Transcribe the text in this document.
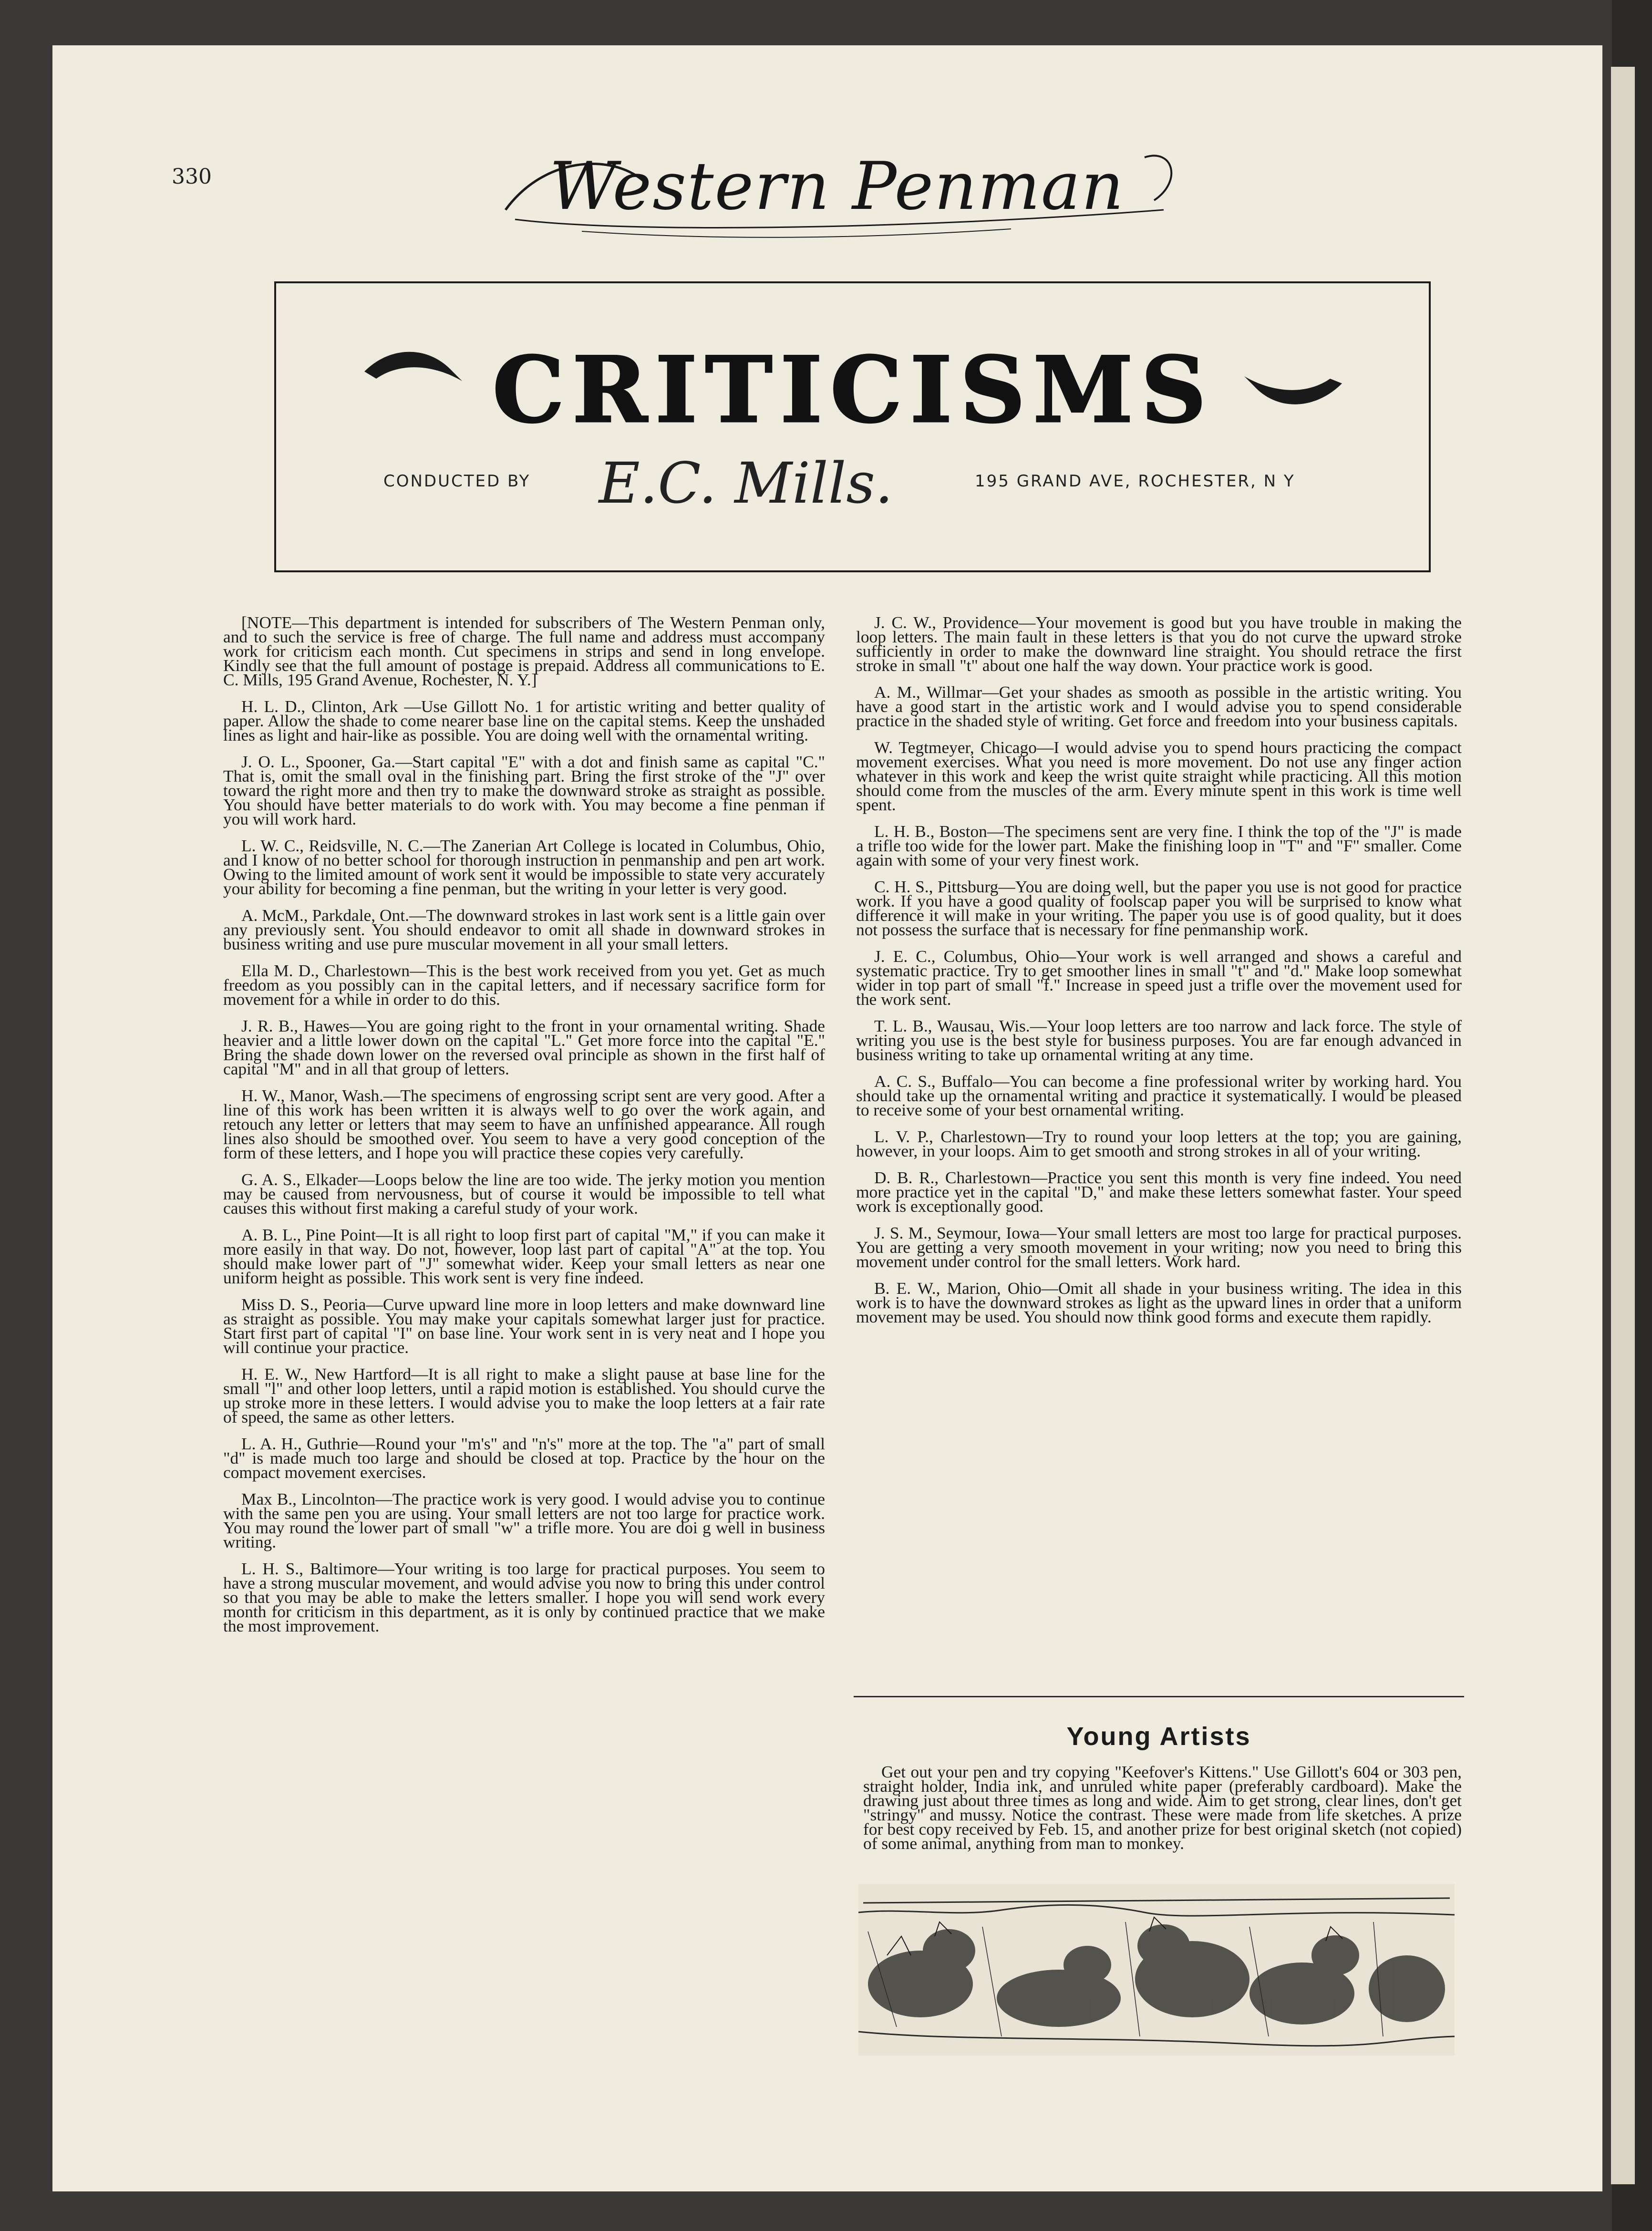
330	Western Penman
CRITICISMS
CONDUCTED BY	E.C. Mills.	195 GRAND AVE, ROCHESTER, N Y

[NOTE—This department is intended for subscribers of The Western Penman only, and to such the service is free of charge. The full name and address must accompany work for criticism each month. Cut specimens in strips and send in long envelope. Kindly see that the full amount of postage is prepaid. Address all communications to E. C. Mills, 195 Grand Avenue, Rochester, N. Y.]

H. L. D., Clinton, Ark —Use Gillott No. 1 for artistic writing and better quality of paper. Allow the shade to come nearer base line on the capital stems. Keep the unshaded lines as light and hair-like as possible. You are doing well with the ornamental writing.

J. O. L., Spooner, Ga.—Start capital "E" with a dot and finish same as capital "C." That is, omit the small oval in the finishing part. Bring the first stroke of the "J" over toward the right more and then try to make the downward stroke as straight as possible. You should have better materials to do work with. You may become a fine penman if you will work hard.

L. W. C., Reidsville, N. C.—The Zanerian Art College is located in Columbus, Ohio, and I know of no better school for thorough instruction in penmanship and pen art work. Owing to the limited amount of work sent it would be impossible to state very accurately your ability for becoming a fine penman, but the writing in your letter is very good.

A. McM., Parkdale, Ont.—The downward strokes in last work sent is a little gain over any previously sent. You should endeavor to omit all shade in downward strokes in business writing and use pure muscular movement in all your small letters.

Ella M. D., Charlestown—This is the best work received from you yet. Get as much freedom as you possibly can in the capital letters, and if necessary sacrifice form for movement for a while in order to do this.

J. R. B., Hawes—You are going right to the front in your ornamental writing. Shade heavier and a little lower down on the capital "L." Get more force into the capital "E." Bring the shade down lower on the reversed oval principle as shown in the first half of capital "M" and in all that group of letters.

H. W., Manor, Wash.—The specimens of engrossing script sent are very good. After a line of this work has been written it is always well to go over the work again, and retouch any letter or letters that may seem to have an unfinished appearance. All rough lines also should be smoothed over. You seem to have a very good conception of the form of these letters, and I hope you will practice these copies very carefully.

G. A. S., Elkader—Loops below the line are too wide. The jerky motion you mention may be caused from nervousness, but of course it would be impossible to tell what causes this without first making a careful study of your work.

A. B. L., Pine Point—It is all right to loop first part of capital "M," if you can make it more easily in that way. Do not, however, loop last part of capital "A" at the top. You should make lower part of "J" somewhat wider. Keep your small letters as near one uniform height as possible. This work sent is very fine indeed.

Miss D. S., Peoria—Curve upward line more in loop letters and make downward line as straight as possible. You may make your capitals somewhat larger just for practice. Start first part of capital "I" on base line. Your work sent in is very neat and I hope you will continue your practice.

H. E. W., New Hartford—It is all right to make a slight pause at base line for the small "l" and other loop letters, until a rapid motion is established. You should curve the up stroke more in these letters. I would advise you to make the loop letters at a fair rate of speed, the same as other letters.

L. A. H., Guthrie—Round your "m's" and "n's" more at the top. The "a" part of small "d" is made much too large and should be closed at top. Practice by the hour on the compact movement exercises.

Max B., Lincolnton—The practice work is very good. I would advise you to continue with the same pen you are using. Your small letters are not too large for practice work. You may round the lower part of small "w" a trifle more. You are doi g well in business writing.

L. H. S., Baltimore—Your writing is too large for practical purposes. You seem to have a strong muscular movement, and would advise you now to bring this under control so that you may be able to make the letters smaller. I hope you will send work every month for criticism in this department, as it is only by continued practice that we make the most improvement.

J. C. W., Providence—Your movement is good but you have trouble in making the loop letters. The main fault in these letters is that you do not curve the upward stroke sufficiently in order to make the downward line straight. You should retrace the first stroke in small "t" about one half the way down. Your practice work is good.

A. M., Willmar—Get your shades as smooth as possible in the artistic writing. You have a good start in the artistic work and I would advise you to spend considerable practice in the shaded style of writing. Get force and freedom into your business capitals.

W. Tegtmeyer, Chicago—I would advise you to spend hours practicing the compact movement exercises. What you need is more movement. Do not use any finger action whatever in this work and keep the wrist quite straight while practicing. All this motion should come from the muscles of the arm. Every minute spent in this work is time well spent.

L. H. B., Boston—The specimens sent are very fine. I think the top of the "J" is made a trifle too wide for the lower part. Make the finishing loop in "T" and "F" smaller. Come again with some of your very finest work.

C. H. S., Pittsburg—You are doing well, but the paper you use is not good for practice work. If you have a good quality of foolscap paper you will be surprised to know what difference it will make in your writing. The paper you use is of good quality, but it does not possess the surface that is necessary for fine penmanship work.

J. E. C., Columbus, Ohio—Your work is well arranged and shows a careful and systematic practice. Try to get smoother lines in small "t" and "d." Make loop somewhat wider in top part of small "f." Increase in speed just a trifle over the movement used for the work sent.

T. L. B., Wausau, Wis.—Your loop letters are too narrow and lack force. The style of writing you use is the best style for business purposes. You are far enough advanced in business writing to take up ornamental writing at any time.

A. C. S., Buffalo—You can become a fine professional writer by working hard. You should take up the ornamental writing and practice it systematically. I would be pleased to receive some of your best ornamental writing.

L. V. P., Charlestown—Try to round your loop letters at the top; you are gaining, however, in your loops. Aim to get smooth and strong strokes in all of your writing.

D. B. R., Charlestown—Practice you sent this month is very fine indeed. You need more practice yet in the capital "D," and make these letters somewhat faster. Your speed work is exceptionally good.

J. S. M., Seymour, Iowa—Your small letters are most too large for practical purposes. You are getting a very smooth movement in your writing; now you need to bring this movement under control for the small letters. Work hard.

B. E. W., Marion, Ohio—Omit all shade in your business writing. The idea in this work is to have the downward strokes as light as the upward lines in order that a uniform movement may be used. You should now think good forms and execute them rapidly.

Young Artists

Get out your pen and try copying "Keefover's Kittens." Use Gillott's 604 or 303 pen, straight holder, India ink, and unruled white paper (preferably cardboard). Make the drawing just about three times as long and wide. Aim to get strong, clear lines, don't get "stringy" and mussy. Notice the contrast. These were made from life sketches. A prize for best copy received by Feb. 15, and another prize for best original sketch (not copied) of some animal, anything from man to monkey.
